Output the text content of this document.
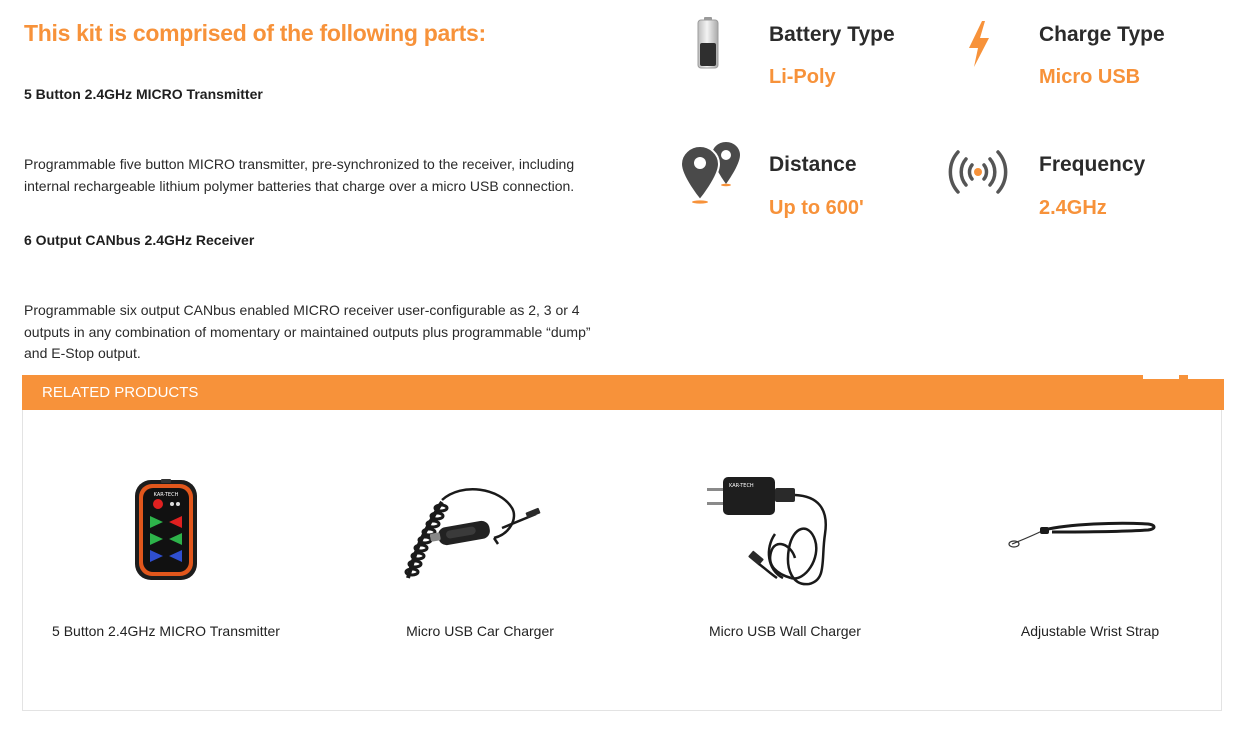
This kit is comprised of the following parts:

5 Button 2.4GHz MICRO Transmitter

Programmable five button MICRO transmitter, pre-synchronized to the receiver, including internal rechargeable lithium polymer batteries that charge over a micro USB connection.

6 Output CANbus 2.4GHz Receiver

Programmable six output CANbus enabled MICRO receiver user-configurable as 2, 3 or 4 outputs in any combination of momentary or maintained outputs plus programmable “dump” and E-Stop output.

Battery Type
Li-Poly
Charge Type
Micro USB
Distance
Up to 600'
Frequency
2.4GHz
RELATED PRODUCTS
KAR-TECH
5 Button 2.4GHz MICRO Transmitter	Micro USB Car Charger
KAR-TECH
Micro USB Wall Charger	Adjustable Wrist Strap
